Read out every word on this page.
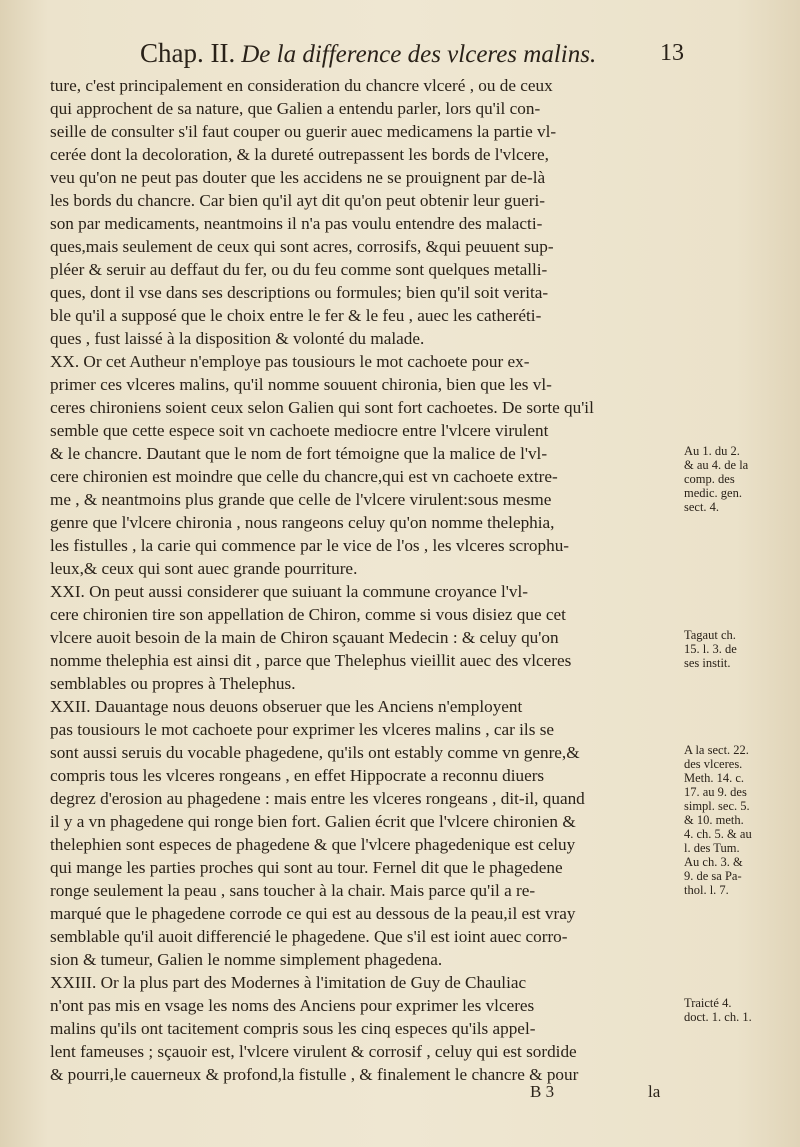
Chap. II. De la difference des vlceres malins.	13
ture, c'est principalement en consideration du chancre vlceré , ou de ceux
qui approchent de sa nature, que Galien a entendu parler, lors qu'il con-
seille de consulter s'il faut couper ou guerir auec medicamens la partie vl-
cerée dont la decoloration, & la dureté outrepassent les bords de l'vlcere,
veu qu'on ne peut pas douter que les accidens ne se prouignent par de-là
les bords du chancre. Car bien qu'il ayt dit qu'on peut obtenir leur gueri-
son par medicaments, neantmoins il n'a pas voulu entendre des malacti-
ques,mais seulement de ceux qui sont acres, corrosifs, &qui peuuent sup-
pléer & seruir au deffaut du fer, ou du feu comme sont quelques metalli-
ques, dont il vse dans ses descriptions ou formules; bien qu'il soit verita-
ble qu'il a supposé que le choix entre le fer & le feu , auec les catheréti-
ques , fust laissé à la disposition & volonté du malade.
XX. Or cet Autheur n'employe pas tousiours le mot cachoete pour ex-
primer ces vlceres malins, qu'il nomme souuent chironia, bien que les vl-
ceres chironiens soient ceux selon Galien qui sont fort cachoetes. De sorte qu'il
semble que cette espece soit vn cachoete mediocre entre l'vlcere virulent
& le chancre. Dautant que le nom de fort témoigne que la malice de l'vl-
cere chironien est moindre que celle du chancre,qui est vn cachoete extre-
me , & neantmoins plus grande que celle de l'vlcere virulent:sous mesme
genre que l'vlcere chironia , nous rangeons celuy qu'on nomme thelephia,
les fistulles , la carie qui commence par le vice de l'os , les vlceres scrophu-
leux,& ceux qui sont auec grande pourriture.
XXI. On peut aussi considerer que suiuant la commune croyance l'vl-
cere chironien tire son appellation de Chiron, comme si vous disiez que cet
vlcere auoit besoin de la main de Chiron sçauant Medecin : & celuy qu'on
nomme thelephia est ainsi dit , parce que Thelephus vieillit auec des vlceres
semblables ou propres à Thelephus.
XXII. Dauantage nous deuons obseruer que les Anciens n'employent
pas tousiours le mot cachoete pour exprimer les vlceres malins , car ils se
sont aussi seruis du vocable phagedene, qu'ils ont estably comme vn genre,&
compris tous les vlceres rongeans , en effet Hippocrate a reconnu diuers
degrez d'erosion au phagedene : mais entre les vlceres rongeans , dit-il, quand
il y a vn phagedene qui ronge bien fort. Galien écrit que l'vlcere chironien &
thelephien sont especes de phagedene & que l'vlcere phagedenique est celuy
qui mange les parties proches qui sont au tour. Fernel dit que le phagedene
ronge seulement la peau , sans toucher à la chair. Mais parce qu'il a re-
marqué que le phagedene corrode ce qui est au dessous de la peau,il est vray
semblable qu'il auoit differencié le phagedene. Que s'il est ioint auec corro-
sion & tumeur, Galien le nomme simplement phagedena.
XXIII. Or la plus part des Modernes à l'imitation de Guy de Chauliac
n'ont pas mis en vsage les noms des Anciens pour exprimer les vlceres
malins qu'ils ont tacitement compris sous les cinq especes qu'ils appel-
lent fameuses ; sçauoir est, l'vlcere virulent & corrosif , celuy qui est sordide
& pourri,le cauerneux & profond,la fistulle , & finalement le chancre & pour
Au 1. du 2.
& au 4. de la
comp. des
medic. gen.
sect. 4.
Tagaut ch.
15. l. 3. de
ses instit.
A la sect. 22.
des vlceres.
Meth. 14. c.
17. au 9. des
simpl. sec. 5.
& 10. meth.
4. ch. 5. & au
l. des Tum.
Au ch. 3. &
9. de sa Pa-
thol. l. 7.
Traicté 4.
doct. 1. ch. 1.
B 3	la
